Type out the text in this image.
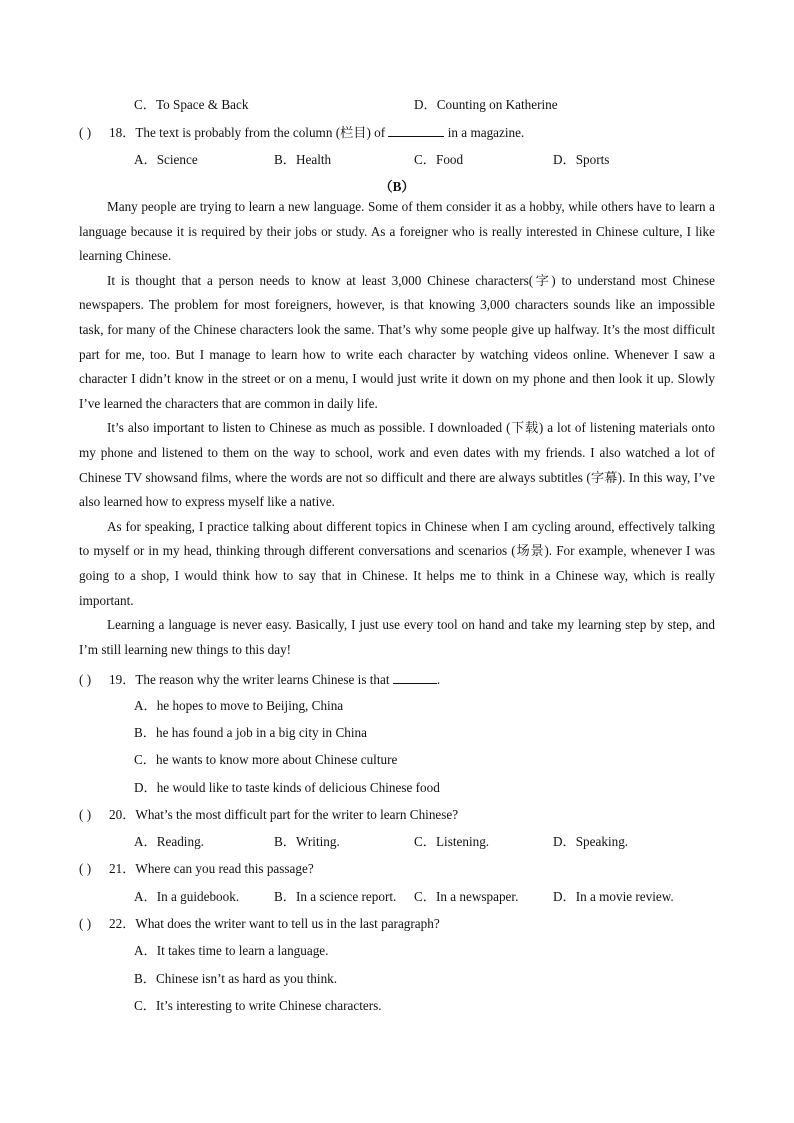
C．To Space & Back	D．Counting on Katherine
( ) 18．The text is probably from the column (栏目) of	in a magazine.
A．Science	B．Health	C．Food	D．Sports
（B）

Many people are trying to learn a new language. Some of them consider it as a hobby, while others have to learn a language because it is required by their jobs or study. As a foreigner who is really interested in Chinese culture, I like learning Chinese.

It is thought that a person needs to know at least 3,000 Chinese characters(字) to understand most Chinese newspapers. The problem for most foreigners, however, is that knowing 3,000 characters sounds like an impossible task, for many of the Chinese characters look the same. That’s why some people give up halfway. It’s the most difficult part for me, too. But I manage to learn how to write each character by watching videos online. Whenever I saw a character I didn’t know in the street or on a menu, I would just write it down on my phone and then look it up. Slowly I’ve learned the characters that are common in daily life.

It’s also important to listen to Chinese as much as possible. I downloaded (下载) a lot of listening materials onto my phone and listened to them on the way to school, work and even dates with my friends. I also watched a lot of Chinese TV showsand films, where the words are not so difficult and there are always subtitles (字幕). In this way, I’ve also learned how to express myself like a native.

As for speaking, I practice talking about different topics in Chinese when I am cycling around, effectively talking to myself or in my head, thinking through different conversations and scenarios (场景). For example, whenever I was going to a shop, I would think how to say that in Chinese. It helps me to think in a Chinese way, which is really important.

Learning a language is never easy. Basically, I just use every tool on hand and take my learning step by step, and I’m still learning new things to this day!

( ) 19．The reason why the writer learns Chinese is that	.
A．he hopes to move to Beijing, China
B．he has found a job in a big city in China
C．he wants to know more about Chinese culture
D．he would like to taste kinds of delicious Chinese food
( ) 20．What’s the most difficult part for the writer to learn Chinese?
A．Reading.	B．Writing.	C．Listening.	D．Speaking.
( ) 21．Where can you read this passage?
A．In a guidebook.	B．In a science report. C．In a newspaper.	D．In a movie review.
( ) 22．What does the writer want to tell us in the last paragraph?
A．It takes time to learn a language.
B．Chinese isn’t as hard as you think.
C．It’s interesting to write Chinese characters.
